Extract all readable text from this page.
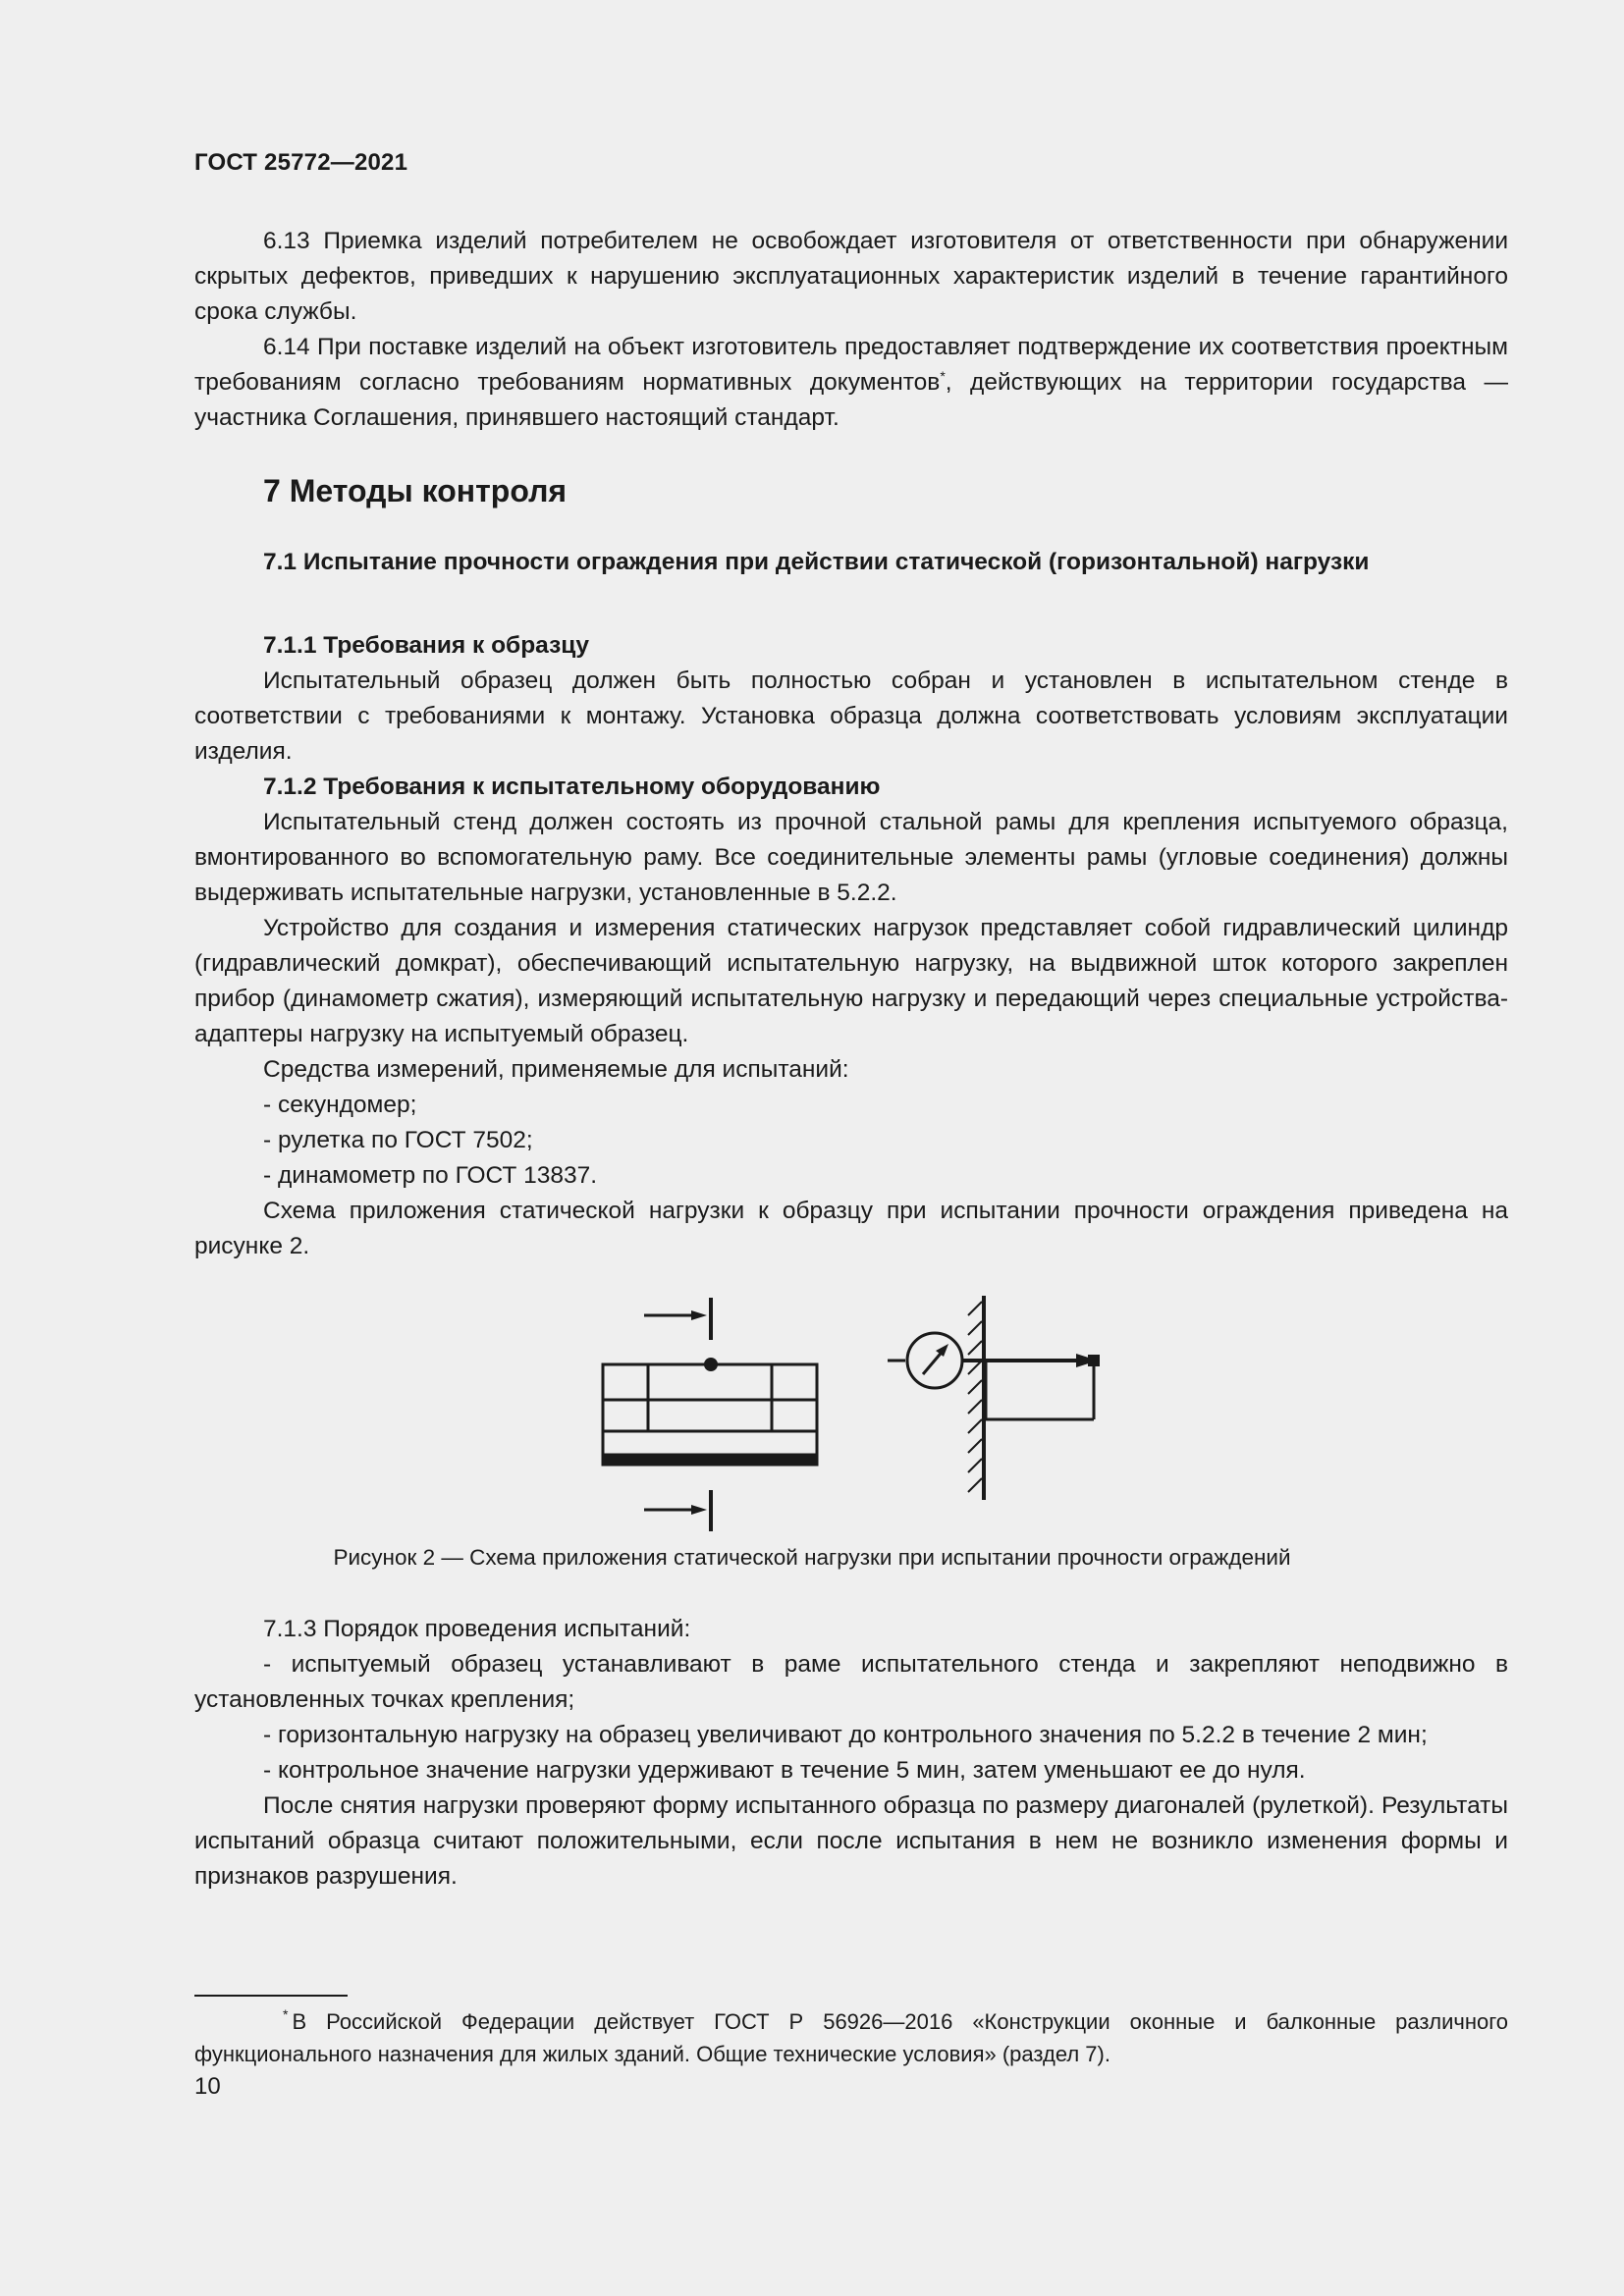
ГОСТ 25772—2021

6.13 Приемка изделий потребителем не освобождает изготовителя от ответственности при обнаружении скрытых дефектов, приведших к нарушению эксплуатационных характеристик изделий в течение гарантийного срока службы.

6.14 При поставке изделий на объект изготовитель предоставляет подтверждение их соответствия проектным требованиям согласно требованиям нормативных документов*, действующих на территории государства — участника Соглашения, принявшего настоящий стандарт.

7 Методы контроля
7.1 Испытание прочности ограждения при действии статической (горизонтальной) нагрузки

7.1.1 Требования к образцу

Испытательный образец должен быть полностью собран и установлен в испытательном стенде в соответствии с требованиями к монтажу. Установка образца должна соответствовать условиям эксплуатации изделия.

7.1.2 Требования к испытательному оборудованию

Испытательный стенд должен состоять из прочной стальной рамы для крепления испытуемого образца, вмонтированного во вспомогательную раму. Все соединительные элементы рамы (угловые соединения) должны выдерживать испытательные нагрузки, установленные в 5.2.2.

Устройство для создания и измерения статических нагрузок представляет собой гидравлический цилиндр (гидравлический домкрат), обеспечивающий испытательную нагрузку, на выдвижной шток которого закреплен прибор (динамометр сжатия), измеряющий испытательную нагрузку и передающий через специальные устройства-адаптеры нагрузку на испытуемый образец.

Средства измерений, применяемые для испытаний:

- секундомер;

- рулетка по ГОСТ 7502;

- динамометр по ГОСТ 13837.

Схема приложения статической нагрузки к образцу при испытании прочности ограждения приведена на рисунке 2.

Рисунок 2 — Схема приложения статической нагрузки при испытании прочности ограждений

7.1.3 Порядок проведения испытаний:

- испытуемый образец устанавливают в раме испытательного стенда и закрепляют неподвижно в установленных точках крепления;

- горизонтальную нагрузку на образец увеличивают до контрольного значения по 5.2.2 в течение 2 мин;

- контрольное значение нагрузки удерживают в течение 5 мин, затем уменьшают ее до нуля.

После снятия нагрузки проверяют форму испытанного образца по размеру диагоналей (рулеткой). Результаты испытаний образца считают положительными, если после испытания в нем не возникло изменения формы и признаков разрушения.

* В Российской Федерации действует ГОСТ Р 56926—2016 «Конструкции оконные и балконные различного функционального назначения для жилых зданий. Общие технические условия» (раздел 7).
10
